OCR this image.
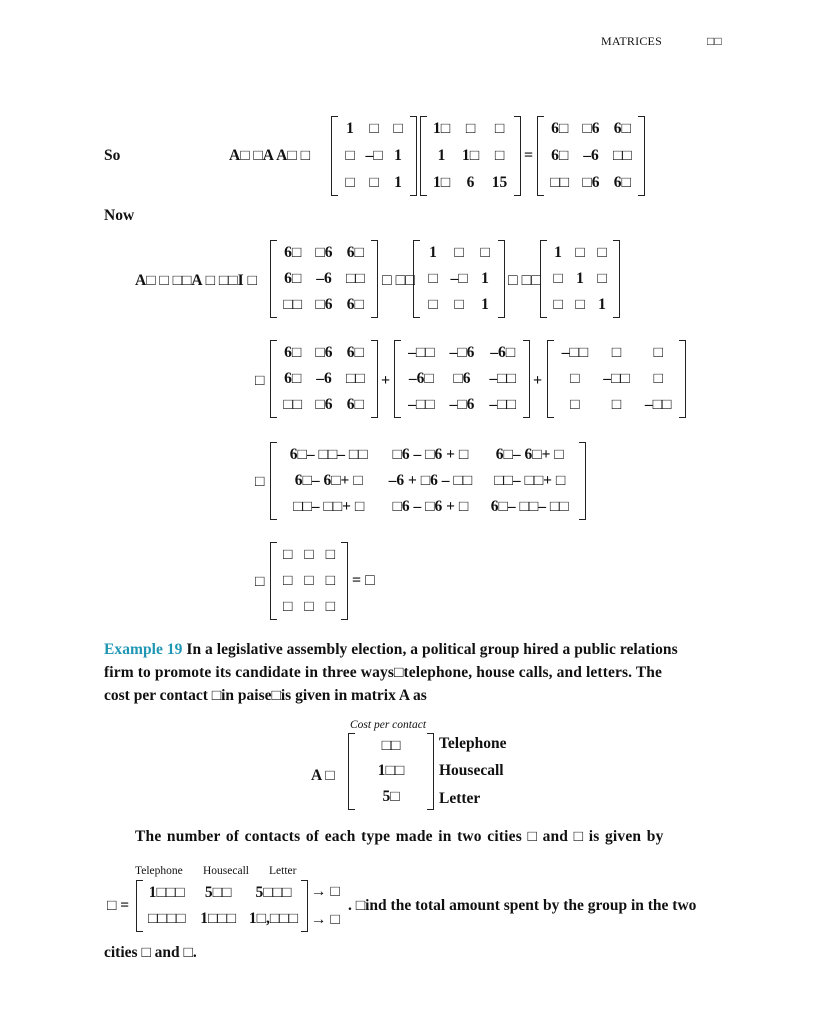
MATRICES	□□
So	A□ □A A□ □
1 □ □
□ –□ 1
□ □ 1
1□ □ □
1 1□ □
1□ 6 15
=
6□ □6 6□
6□ –6 □□
□□ □6 6□
Now
A□ □ □□A □ □□I □
6□ □6 6□
6□ –6 □□
□□ □6 6□
□ □□
1 □ □
□ –□ 1
□ □ 1
□ □□
1 □ □
□ 1 □
□ □ 1
□
6□ □6 6□
6□ –6 □□
□□ □6 6□
+
–□□ –□6 –6□
–6□ □6 –□□
–□□ –□6 –□□
+
–□□ □ □
□ –□□ □
□ □ –□□
□
6□– □□– □□ □6 – □6 + □ 6□– 6□+ □
6□– 6□+ □ –6 + □6 – □□ □□– □□+ □
□□– □□+ □ □6 – □6 + □ 6□– □□– □□
□
□ □ □
□ □ □
□ □ □
= □
Example 19 In a legislative assembly election, a political group hired a public relations
firm to promote its candidate in three ways□telephone, house calls, and letters. The
cost per contact □in paise□is given in matrix A as
Cost per contact
A □
□□
1□□
5□
Telephone
Housecall
Letter
The number of contacts of each type made in two cities □ and □ is given by
Telephone Housecall Letter
□ =
1□□□ 5□□ 5□□□
□□□□ 1□□□ 1□,□□□
→ □
→ □
. □ind the total amount spent by the group in the two
cities □ and □.
